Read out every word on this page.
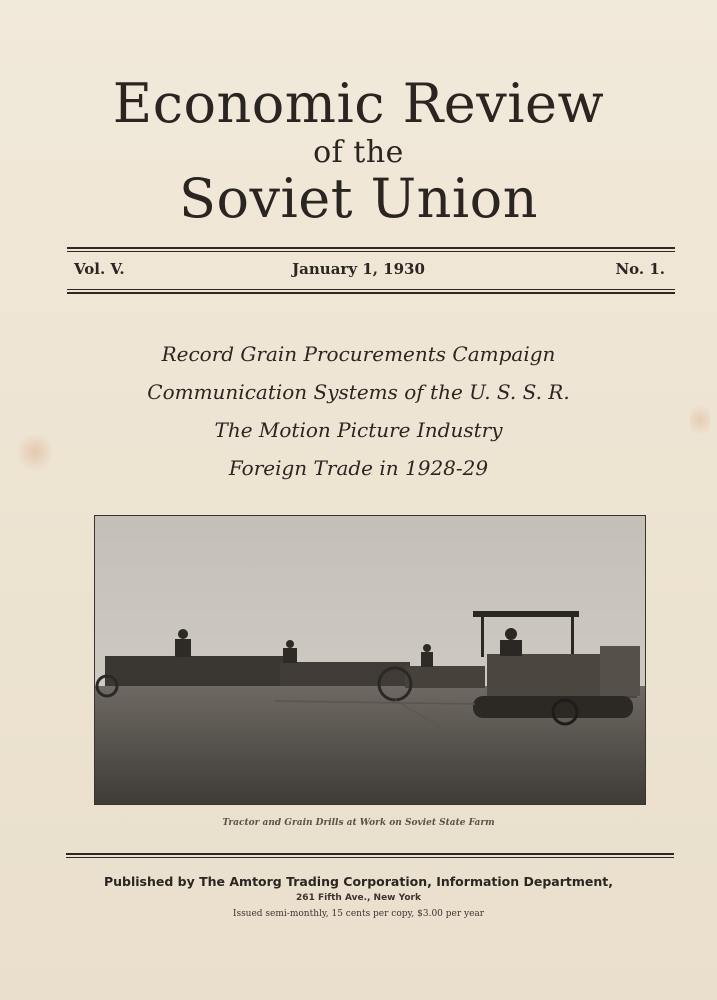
Economic Review
of the
Soviet Union
Vol. V.	January 1, 1930	No. 1.
Record Grain Procurements Campaign
Communication Systems of the U. S. S. R.
The Motion Picture Industry
Foreign Trade in 1928-29
Tractor and Grain Drills at Work on Soviet State Farm
Published by The Amtorg Trading Corporation, Information Department,
261 Fifth Ave., New York
Issued semi-monthly, 15 cents per copy, $3.00 per year
